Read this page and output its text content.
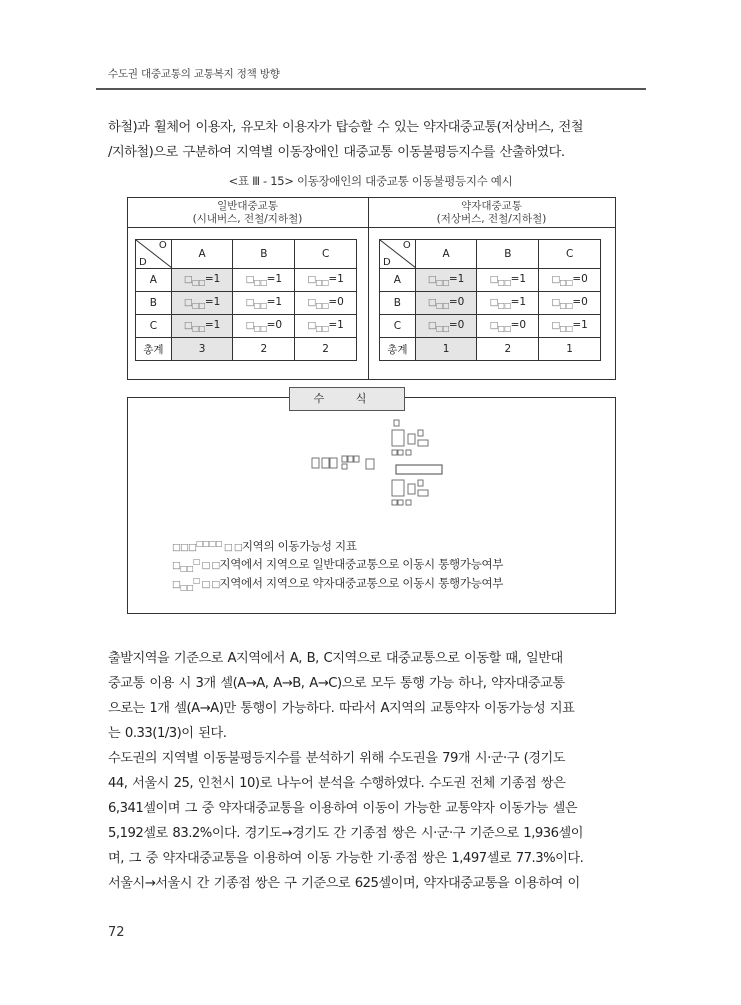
수도권 대중교통의 교통복지 정책 방향
하철)과 휠체어 이용자, 유모차 이용자가 탑승할 수 있는 약자대중교통(저상버스, 전철
/지하철)으로 구분하여 지역별 이동장애인 대중교통 이동불평등지수를 산출하였다.
<표 Ⅲ - 15> 이동장애인의 대중교통 이동불평등지수 예시
일반대중교통
(시내버스, 전철/지하철)
약자대중교통
(저상버스, 전철/지하철)
O
D	A	B	C
A	$□_{□□}=1$	$□_{□□}=1$	$□_{□□}=1$
B	$□_{□□}=1$	$□_{□□}=1$	$□_{□□}=0$
C	$□_{□□}=1$	$□_{□□}=0$	$□_{□□}=1$
총계	3	2	2
O
D	A	B	C
A	$□_{□□}=1$	$□_{□□}=1$	$□_{□□}=0$
B	$□_{□□}=0$	$□_{□□}=1$	$□_{□□}=0$
C	$□_{□□}=0$	$□_{□□}=0$	$□_{□□}=1$
총계	1	2	1
수 식
□□□□□□□ □ □지역의 이동가능성 지표
$□_{□□}^□$ □ □지역에서 지역으로 일반대중교통으로 이동시 통행가능여부
$□_{□□}^□$ □ □지역에서 지역으로 약자대중교통으로 이동시 통행가능여부
출발지역을 기준으로 A지역에서 A, B, C지역으로 대중교통으로 이동할 때, 일반대
중교통 이용 시 3개 셀(A→A, A→B, A→C)으로 모두 통행 가능 하나, 약자대중교통
으로는 1개 셀(A→A)만 통행이 가능하다. 따라서 A지역의 교통약자 이동가능성 지표
는 0.33(1/3)이 된다.
수도권의 지역별 이동불평등지수를 분석하기 위해 수도권을 79개 시·군·구 (경기도
44, 서울시 25, 인천시 10)로 나누어 분석을 수행하였다. 수도권 전체 기종점 쌍은
6,341셀이며 그 중 약자대중교통을 이용하여 이동이 가능한 교통약자 이동가능 셀은
5,192셀로 83.2%이다. 경기도→경기도 간 기종점 쌍은 시·군·구 기준으로 1,936셀이
며, 그 중 약자대중교통을 이용하여 이동 가능한 기·종점 쌍은 1,497셀로 77.3%이다.
서울시→서울시 간 기종점 쌍은 구 기준으로 625셀이며, 약자대중교통을 이용하여 이
72
